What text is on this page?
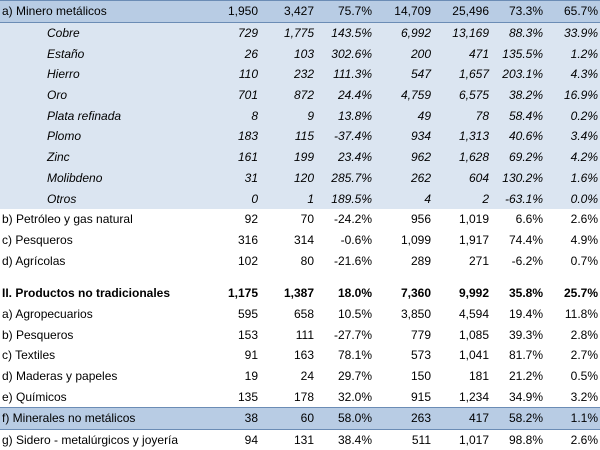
a) Minero metálicos	1,950	3,427	75.7%	14,709	25,496	73.3%	65.7%
Cobre	729	1,775	143.5%	6,992	13,169	88.3%	33.9%
Estaño	26	103	302.6%	200	471	135.5%	1.2%
Hierro	110	232	111.3%	547	1,657	203.1%	4.3%
Oro	701	872	24.4%	4,759	6,575	38.2%	16.9%
Plata refinada	8	9	13.8%	49	78	58.4%	0.2%
Plomo	183	115	-37.4%	934	1,313	40.6%	3.4%
Zinc	161	199	23.4%	962	1,628	69.2%	4.2%
Molibdeno	31	120	285.7%	262	604	130.2%	1.6%
Otros	0	1	189.5%	4	2	-63.1%	0.0%
b) Petróleo y gas natural	92	70	-24.2%	956	1,019	6.6%	2.6%
c) Pesqueros	316	314	-0.6%	1,099	1,917	74.4%	4.9%
d) Agrícolas	102	80	-21.6%	289	271	-6.2%	0.7%

II. Productos no tradicionales	1,175	1,387	18.0%	7,360	9,992	35.8%	25.7%
a) Agropecuarios	595	658	10.5%	3,850	4,594	19.4%	11.8%
b) Pesqueros	153	111	-27.7%	779	1,085	39.3%	2.8%
c) Textiles	91	163	78.1%	573	1,041	81.7%	2.7%
d) Maderas y papeles	19	24	29.7%	150	181	21.2%	0.5%
e) Químicos	135	178	32.0%	915	1,234	34.9%	3.2%
f) Minerales no metálicos	38	60	58.0%	263	417	58.2%	1.1%
g) Sidero - metalúrgicos y joyería	94	131	38.4%	511	1,017	98.8%	2.6%
